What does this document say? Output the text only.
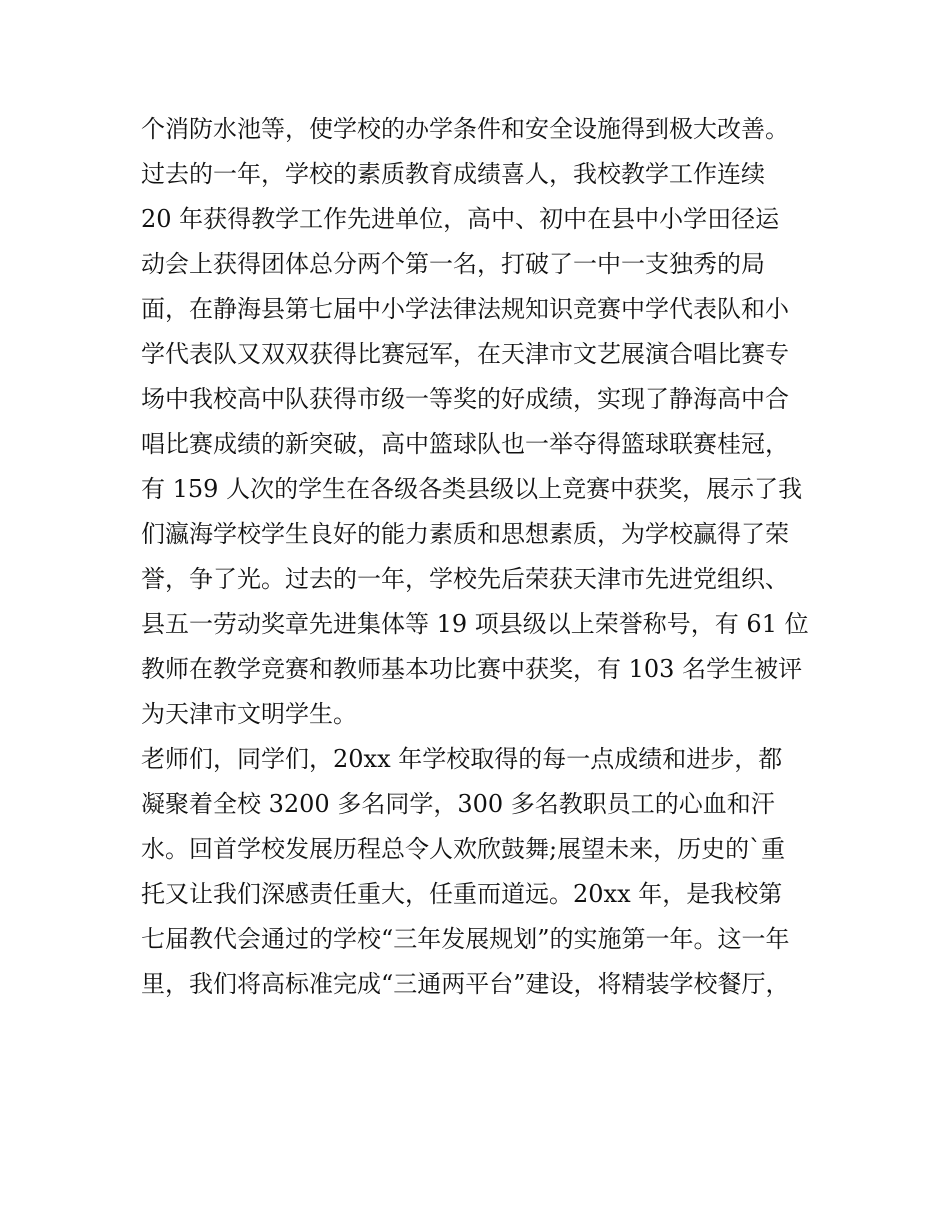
个消防水池等，使学校的办学条件和安全设施得到极大改善。
过去的一年，学校的素质教育成绩喜人，我校教学工作连续
20 年获得教学工作先进单位，高中、初中在县中小学田径运
动会上获得团体总分两个第一名，打破了一中一支独秀的局
面，在静海县第七届中小学法律法规知识竞赛中学代表队和小
学代表队又双双获得比赛冠军，在天津市文艺展演合唱比赛专
场中我校高中队获得市级一等奖的好成绩，实现了静海高中合
唱比赛成绩的新突破，高中篮球队也一举夺得篮球联赛桂冠，
有 159 人次的学生在各级各类县级以上竞赛中获奖，展示了我
们瀛海学校学生良好的能力素质和思想素质，为学校赢得了荣
誉，争了光。过去的一年，学校先后荣获天津市先进党组织、
县五一劳动奖章先进集体等 19 项县级以上荣誉称号，有 61 位
教师在教学竞赛和教师基本功比赛中获奖，有 103 名学生被评
为天津市文明学生。
老师们，同学们，20xx 年学校取得的每一点成绩和进步，都
凝聚着全校 3200 多名同学，300 多名教职员工的心血和汗
水。回首学校发展历程总令人欢欣鼓舞;展望未来，历史的`重
托又让我们深感责任重大，任重而道远。20xx 年，是我校第
七届教代会通过的学校“三年发展规划”的实施第一年。这一年
里，我们将高标准完成“三通两平台”建设，将精装学校餐厅，
